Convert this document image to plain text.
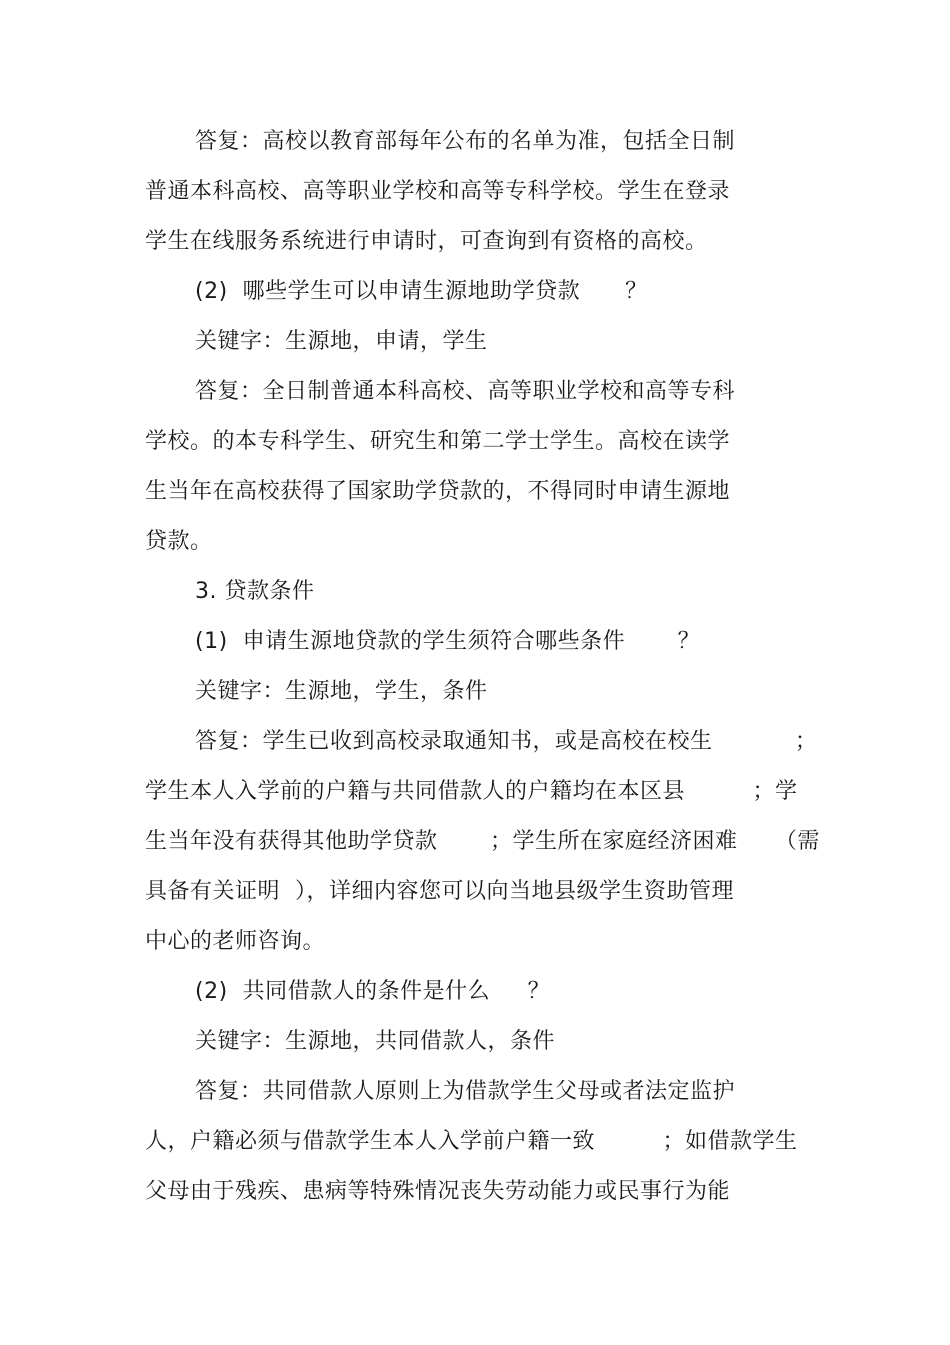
答复：高校以教育部每年公布的名单为准，包括全日制
普通本科高校、高等职业学校和高等专科学校。学生在登录
学生在线服务系统进行申请时，可查询到有资格的高校。
(2)  哪些学生可以申请生源地助学贷款      ？
关键字：生源地，申请，学生
答复：全日制普通本科高校、高等职业学校和高等专科
学校。的本专科学生、研究生和第二学士学生。高校在读学
生当年在高校获得了国家助学贷款的，不得同时申请生源地
贷款。
3. 贷款条件
(1)  申请生源地贷款的学生须符合哪些条件       ？
关键字：生源地，学生，条件
答复：学生已收到高校录取通知书，或是高校在校生           ；
学生本人入学前的户籍与共同借款人的户籍均在本区县         ；学
生当年没有获得其他助学贷款       ；学生所在家庭经济困难     （需
具备有关证明  ），详细内容您可以向当地县级学生资助管理
中心的老师咨询。
(2)  共同借款人的条件是什么     ？
关键字：生源地，共同借款人，条件
答复：共同借款人原则上为借款学生父母或者法定监护
人，户籍必须与借款学生本人入学前户籍一致         ；如借款学生
父母由于残疾、患病等特殊情况丧失劳动能力或民事行为能
